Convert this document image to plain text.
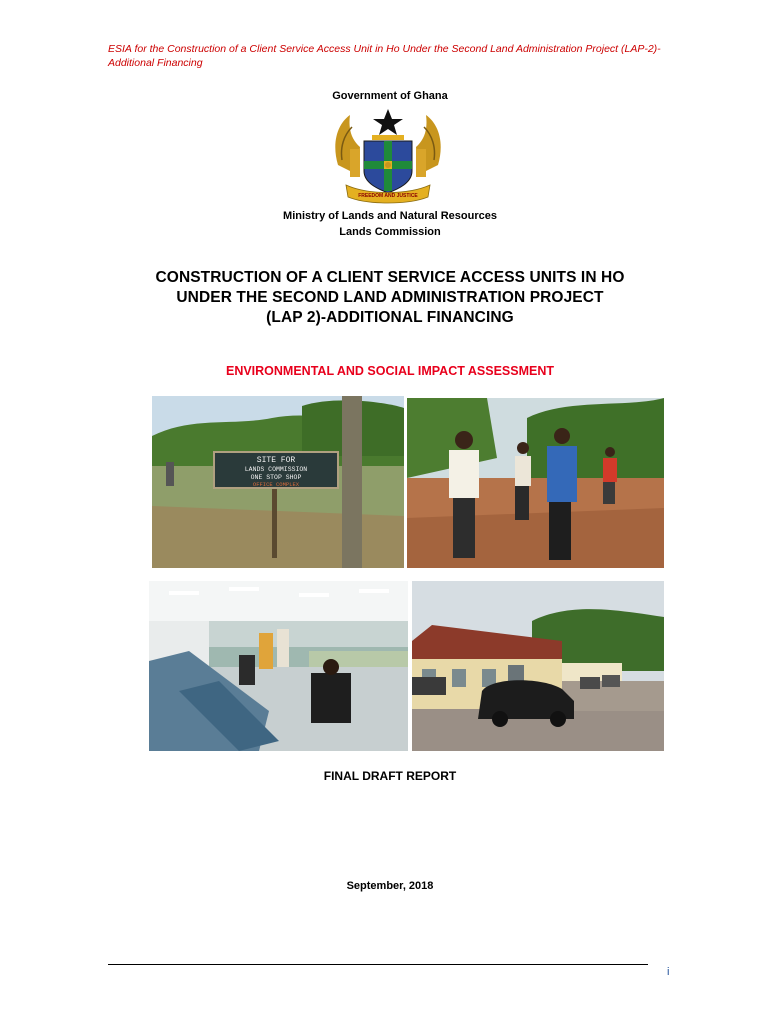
ESIA for the Construction of a Client Service Access Unit in Ho Under the Second Land Administration Project (LAP-2)-Additional Financing
Government of Ghana
FREEDOM AND JUSTICE
Ministry of Lands and Natural Resources
Lands Commission
CONSTRUCTION OF A CLIENT SERVICE ACCESS UNITS IN HO
UNDER THE SECOND LAND ADMINISTRATION PROJECT
(LAP 2)-ADDITIONAL FINANCING
ENVIRONMENTAL AND SOCIAL IMPACT ASSESSMENT
SITE FOR
LANDS COMMISSION
ONE STOP SHOP
OFFICE COMPLEX
FINAL DRAFT REPORT
September, 2018
i
